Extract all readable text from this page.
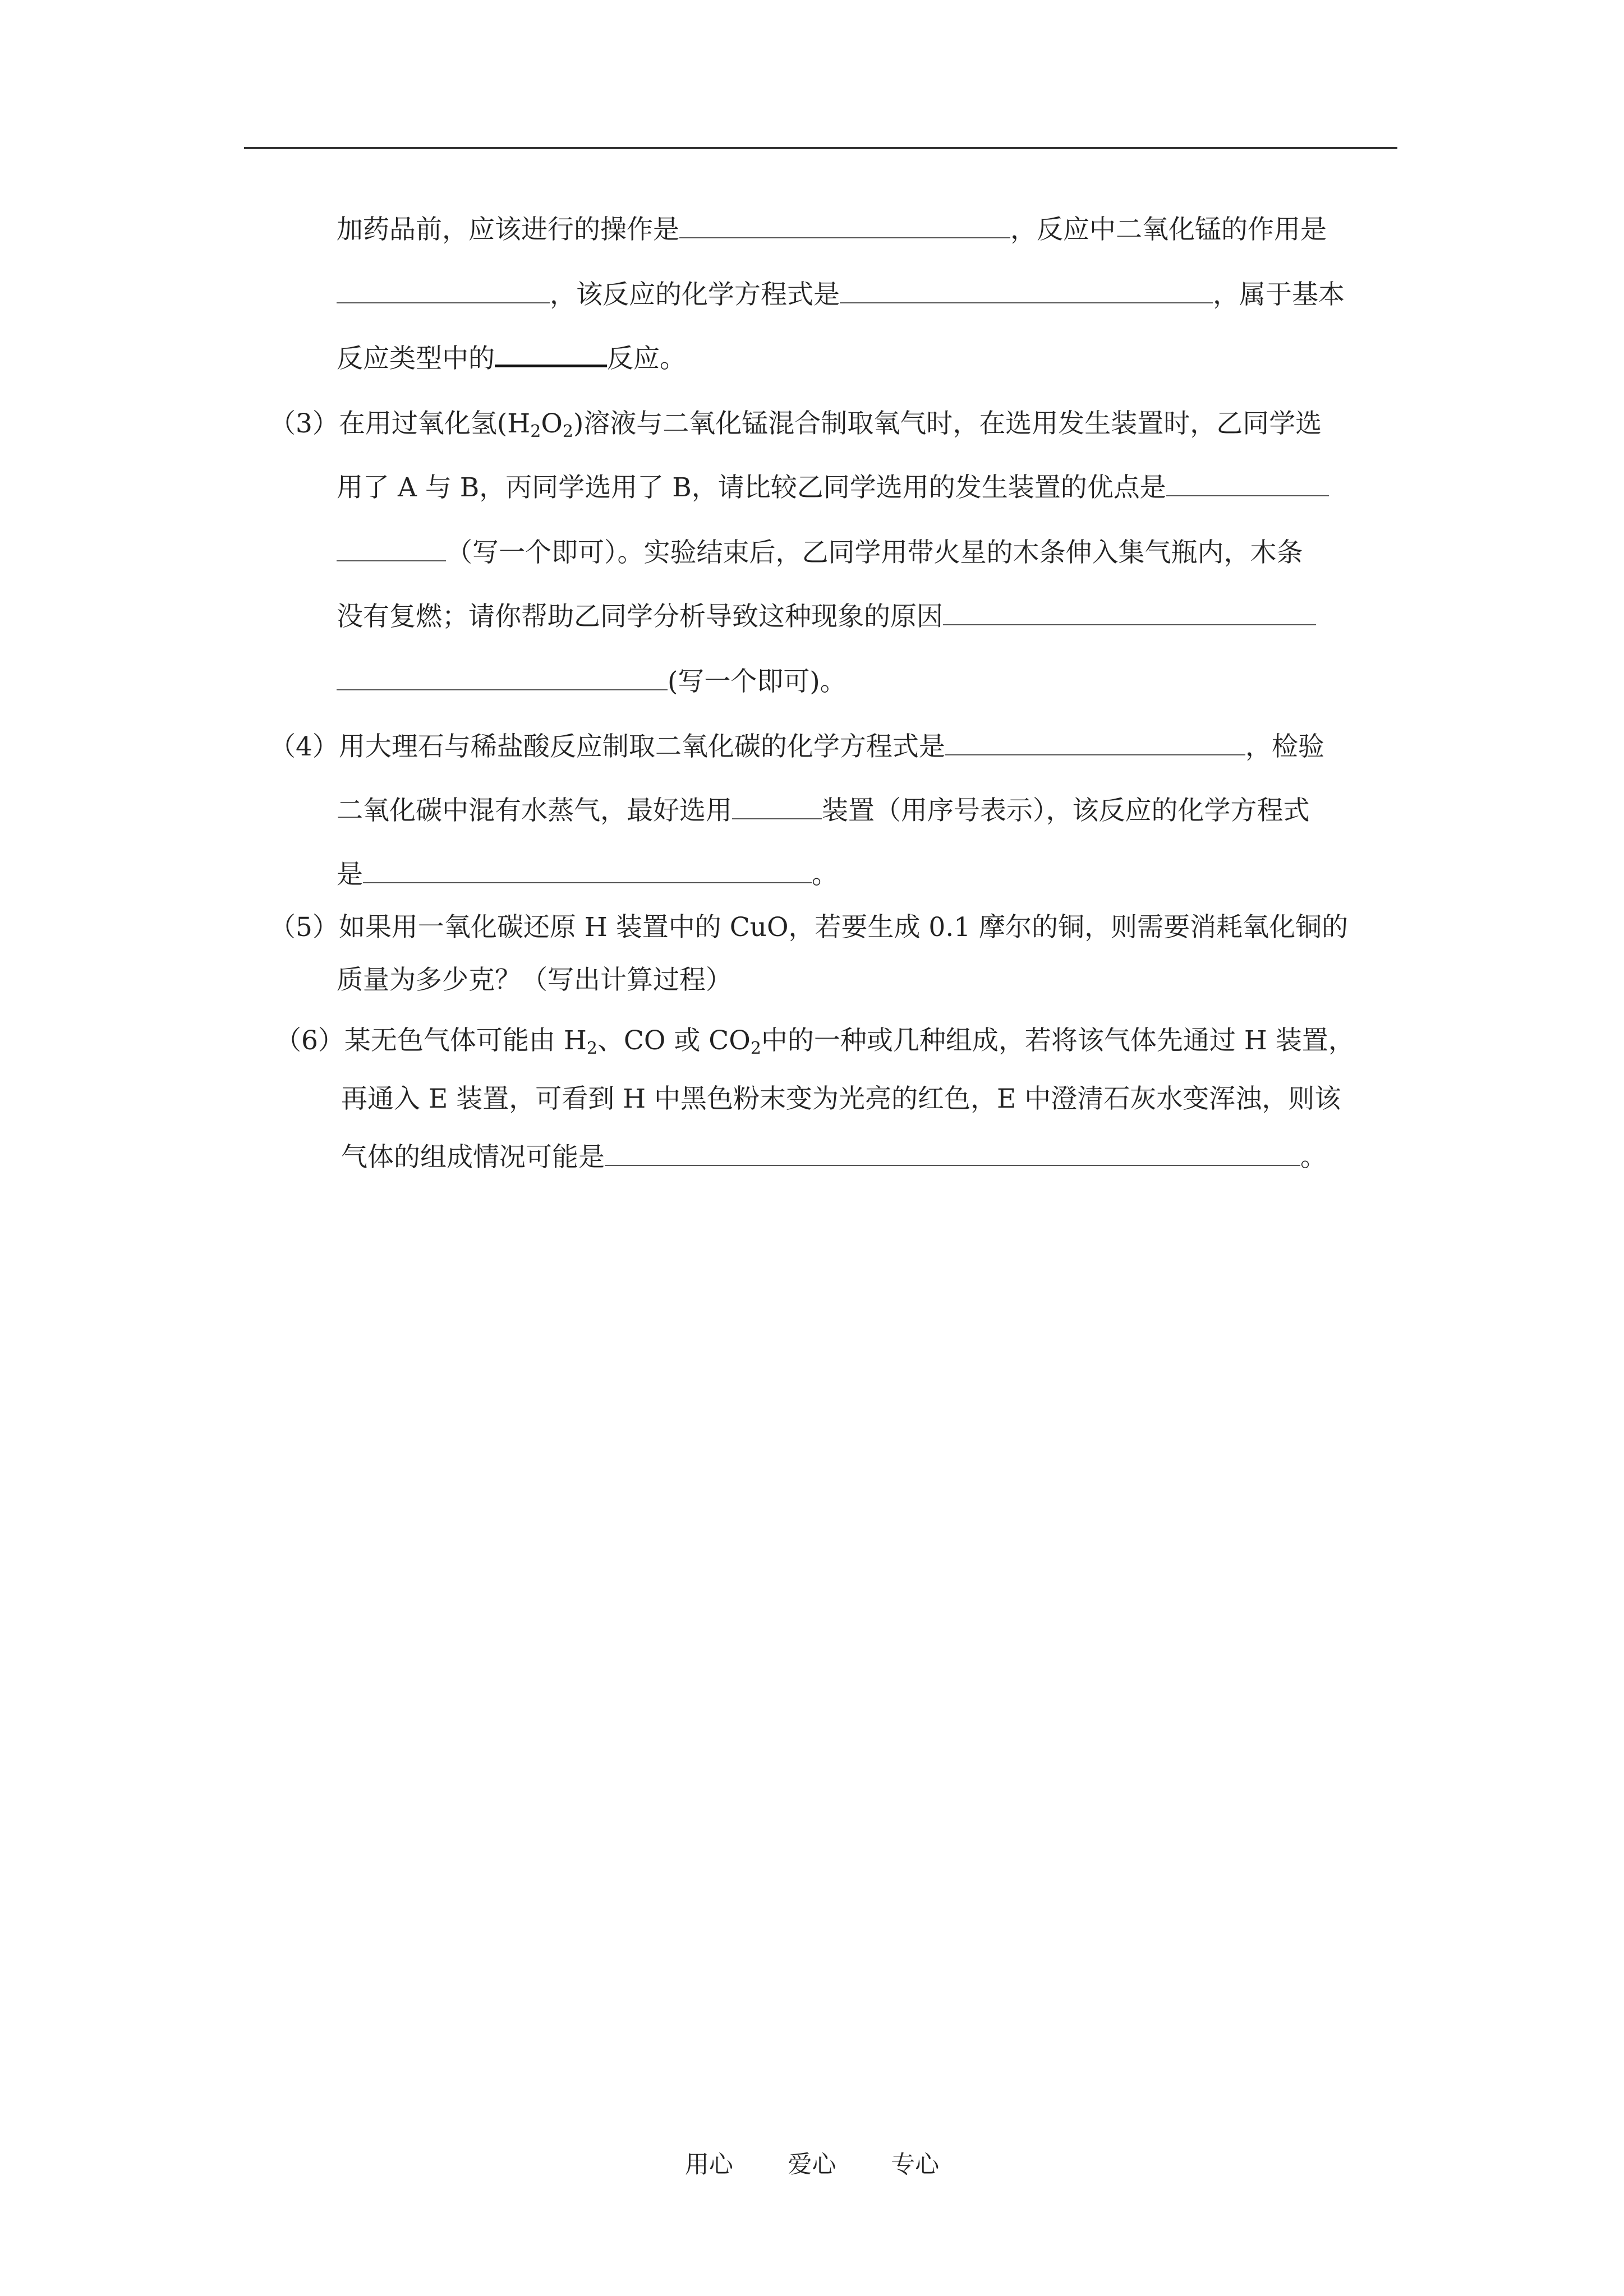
加药品前，应该进行的操作是	，反应中二氧化锰的作用是
，该反应的化学方程式是	，属于基本
反应类型中的	反应。
（3）在用过氧化氢$(H_2O_2)$溶液与二氧化锰混合制取氧气时，在选用发生装置时，乙同学选
用了 A 与 B，丙同学选用了 B，请比较乙同学选用的发生装置的优点是
（写一个即可）。实验结束后，乙同学用带火星的木条伸入集气瓶内，木条
没有复燃；请你帮助乙同学分析导致这种现象的原因
(写一个即可)。
（4）用大理石与稀盐酸反应制取二氧化碳的化学方程式是	，检验
二氧化碳中混有水蒸气，最好选用	装置（用序号表示），该反应的化学方程式
是	。
（5）如果用一氧化碳还原 H 装置中的 CuO，若要生成 0.1 摩尔的铜，则需要消耗氧化铜的
质量为多少克？（写出计算过程）
（6）某无色气体可能由 $H_2$、CO 或 $CO_2$中的一种或几种组成，若将该气体先通过 H 装置，
再通入 E 装置，可看到 H 中黑色粉末变为光亮的红色，E 中澄清石灰水变浑浊，则该
气体的组成情况可能是	。
用心 爱心 专心
